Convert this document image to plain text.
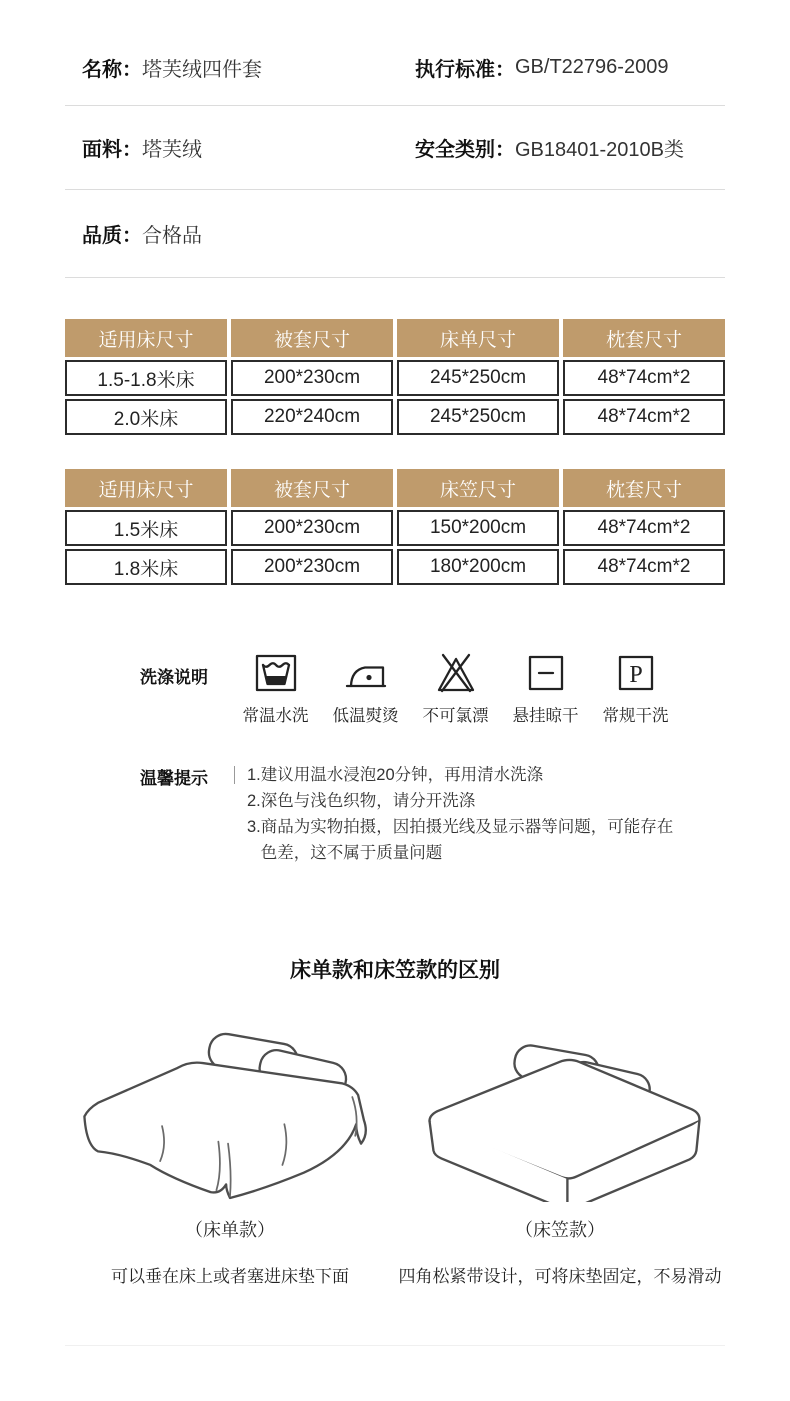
名称： 塔芙绒四件套	执行标准： GB/T22796-2009
面料： 塔芙绒	安全类别： GB18401-2010B类
品质： 合格品
适用床尺寸	被套尺寸	床单尺寸	枕套尺寸
1.5-1.8米床	200*230cm	245*250cm	48*74cm*2
2.0米床	220*240cm	245*250cm	48*74cm*2
适用床尺寸	被套尺寸	床笠尺寸	枕套尺寸
1.5米床	200*230cm	150*200cm	48*74cm*2
1.8米床	200*230cm	180*200cm	48*74cm*2
洗涤说明
常温水洗	低温熨烫	不可氯漂	悬挂晾干
P
常规干洗
温馨提示	1. 建议用温水浸泡20分钟，再用清水洗涤
2. 深色与浅色织物，请分开洗涤
3. 商品为实物拍摄，因拍摄光线及显示器等问题，可能存在色差，这不属于质量问题
床单款和床笠款的区别
（床单款）
可以垂在床上或者塞进床垫下面
（床笠款）
四角松紧带设计，可将床垫固定，不易滑动
